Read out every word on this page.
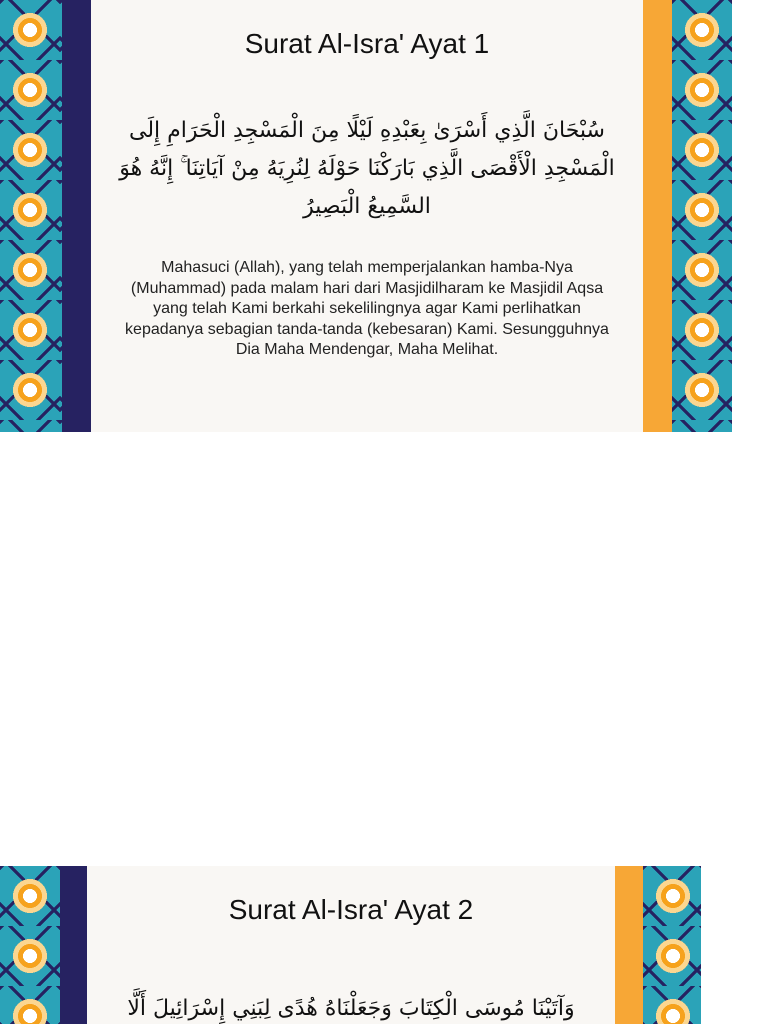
Surat Al-Isra' Ayat 1
سُبْحَانَ الَّذِي أَسْرَىٰ بِعَبْدِهِ لَيْلًا مِنَ الْمَسْجِدِ الْحَرَامِ إِلَى الْمَسْجِدِ الْأَقْصَى الَّذِي بَارَكْنَا حَوْلَهُ لِنُرِيَهُ مِنْ آيَاتِنَا ۚ إِنَّهُ هُوَ السَّمِيعُ الْبَصِيرُ
Mahasuci (Allah), yang telah memperjalankan hamba-Nya (Muhammad) pada malam hari dari Masjidilharam ke Masjidil Aqsa yang telah Kami berkahi sekelilingnya agar Kami perlihatkan kepadanya sebagian tanda-tanda (kebesaran) Kami. Sesungguhnya Dia Maha Mendengar, Maha Melihat.
Surat Al-Isra' Ayat 2
وَآتَيْنَا مُوسَى الْكِتَابَ وَجَعَلْنَاهُ هُدًى لِبَنِي إِسْرَائِيلَ أَلَّا
